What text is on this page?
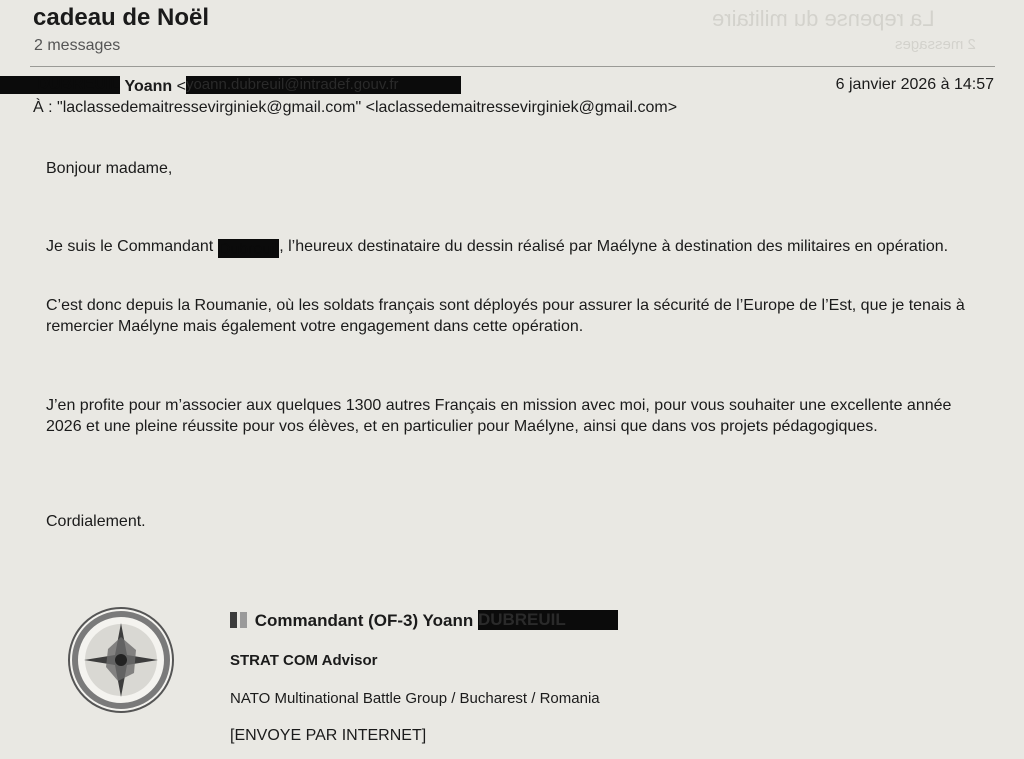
La repense du militaire
2 messages
cadeau de Noël
2 messages
DUBREUIL Yoann < yoann.dubreuil@intradef.gouv.fr	6 janvier 2026 à 14:57
À : "laclassedemaitressevirginiek@gmail.com" <laclassedemaitressevirginiek@gmail.com>
Bonjour madame,
Je suis le Commandant Dubreuil, l’heureux destinataire du dessin réalisé par Maélyne à destination des militaires en opération.
C’est donc depuis la Roumanie, où les soldats français sont déployés pour assurer la sécurité de l’Europe de l’Est, que je tenais à remercier Maélyne mais également votre engagement dans cette opération.
J’en profite pour m’associer aux quelques 1300 autres Français en mission avec moi, pour vous souhaiter une excellente année 2026 et une pleine réussite pour vos élèves, et en particulier pour Maélyne, ainsi que dans vos projets pédagogiques.
Cordialement.
Commandant (OF-3) Yoann DUBREUIL
STRAT COM Advisor
NATO Multinational Battle Group / Bucharest / Romania
[ENVOYE PAR INTERNET]
